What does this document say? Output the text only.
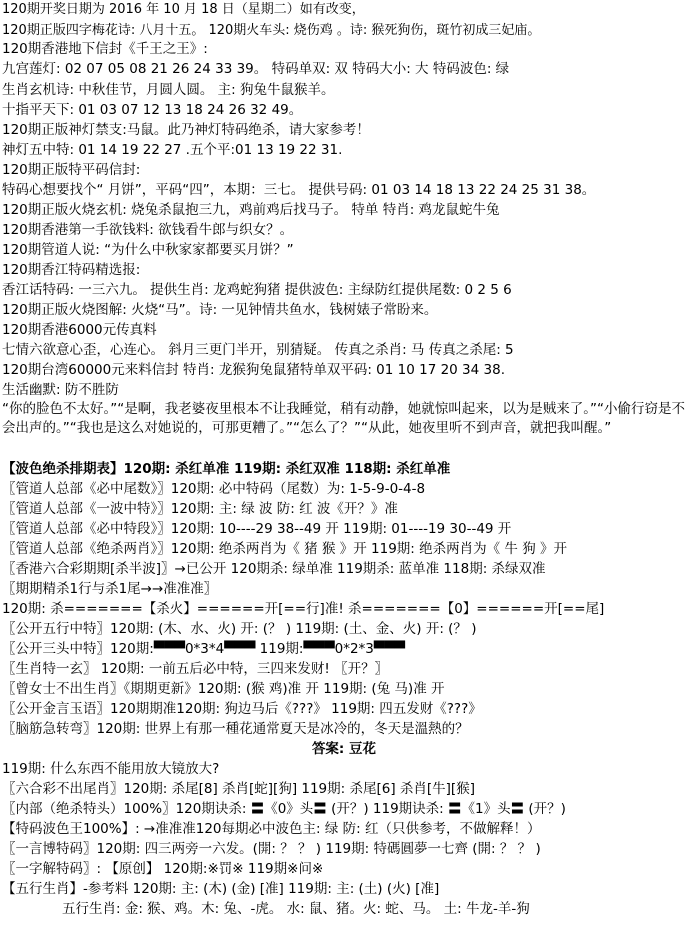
120期开奖日期为 2016 年 10 月 18 日（星期二）如有改变，
120期正版四字梅花诗: 八月十五。 120期火车头: 烧伤鸡 。诗: 猴死狗伤，斑竹初成三妃庙。
120期香港地下信封《千王之王》:
九宫莲灯: 02 07 05 08 21 26 24 33 39。 特码单双: 双 特码大小: 大 特码波色: 绿
生肖玄机诗: 中秋佳节，月圆人圆。 主: 狗兔牛鼠猴羊。
十指平天下: 01 03 07 12 13 18 24 26 32 49。
120期正版神灯禁支:马鼠。此乃神灯特码绝杀，请大家参考！
神灯五中特: 01 14 19 22 27 .五个平:01 13 19 22 31.
120期正版特平码信封:
特码心想要找个“ 月饼”，平码“四”，本期：三七。 提供号码: 01 03 14 18 13 22 24 25 31 38。
120期正版火烧玄机: 烧兔杀鼠抱三九，鸡前鸡后找马子。 特单 特肖: 鸡龙鼠蛇牛兔
120期香港第一手欲钱料: 欲钱看牛郎与织女？。
120期管道人说: “为什么中秋家家都要买月饼？”
120期香江特码精选报:
香江话特码: 一三六九。 提供生肖: 龙鸡蛇狗猪 提供波色: 主绿防红提供尾数: 0 2 5 6
120期正版火烧图解: 火烧“马”。诗: 一见钟情共鱼水，钱树婊子常盼来。
120期香港6000元传真料
七情六欲意心歪，心连心。 斜月三更门半开，别猜疑。 传真之杀肖: 马 传真之杀尾: 5
120期台湾60000元来料信封 特肖: 龙猴狗兔鼠猪特单双平码: 01 10 17 20 34 38.
生活幽默: 防不胜防
“你的脸色不太好。”“是啊，我老婆夜里根本不让我睡觉，稍有动静，她就惊叫起来，以为是贼来了。”“小偷行窃是不会出声的。”“我也是这么对她说的，可那更糟了。”“怎么了？”“从此，她夜里听不到声音，就把我叫醒。”
【波色绝杀排期表】120期: 杀红单准 119期: 杀红双准 118期: 杀红单准
〖管道人总部《必中尾数》〗120期: 必中特码（尾数）为: 1-5-9-0-4-8
〖管道人总部《一波中特》〗120期: 主: 绿 波 防: 红 波《开？》准
〖管道人总部《必中特段》〗120期: 10----29 38--49 开 119期: 01----19 30--49 开
〖管道人总部《绝杀两肖》〗120期: 绝杀两肖为《 猪 猴 》开 119期: 绝杀两肖为《 牛 狗 》开
〖香港六合彩期期[杀半波]〗→已公开 120期杀: 绿单准 119期杀: 蓝单准 118期: 杀绿双准
〖期期精杀1行与杀1尾→→准准准〗
120期: 杀=======【杀火】======开[==行]准! 杀=======【0】======开[==尾]
〖公开五行中特〗120期: (木、水、火) 开: (？ ) 119期: (土、金、火) 开: (？ )
〖公开三头中特〗120期:▀▀▀0*3*4▀▀▀ 119期:▀▀▀0*2*3▀▀▀
〖生肖特一玄〗 120期: 一前五后必中特，三四来发财! 〖开？〗
〖曾女士不出生肖〗《期期更新》120期: (猴 鸡)准 开 119期: (兔 马)准 开
〖公开金言玉语〗120期期准120期: 狗边马后《???》 119期: 四五发财《???》
〖脑筋急转弯〗120期: 世界上有那一種花通常夏天是冰冷的，冬天是溫熱的？
答案: 豆花
119期: 什么东西不能用放大镜放大?
〖六合彩不出尾肖〗120期: 杀尾[8] 杀肖[蛇][狗] 119期: 杀尾[6] 杀肖[牛][猴]
〖内部（绝杀特头）100%〗120期诀杀: 〓《0》头〓 (开？) 119期诀杀: 〓《1》头〓 (开？)
【特码波色王100%】: →准准准120每期必中波色主: 绿 防: 红（只供参考，不做解释！）
〖一言博特码〗120期: 四三两旁一六发。(開: ？ ？ ) 119期: 特碼圓夢一七齊 (開: ？ ？ )
〖一字解特码〗: 【原创】 120期:※罚※ 119期※问※
【五行生肖】-参考料 120期: 主: (木) (金) [准] 119期: 主: (土) (火) [准]
五行生肖: 金: 猴、鸡。木: 兔、-虎。 水: 鼠、猪。火: 蛇、马。 土: 牛龙-羊-狗
